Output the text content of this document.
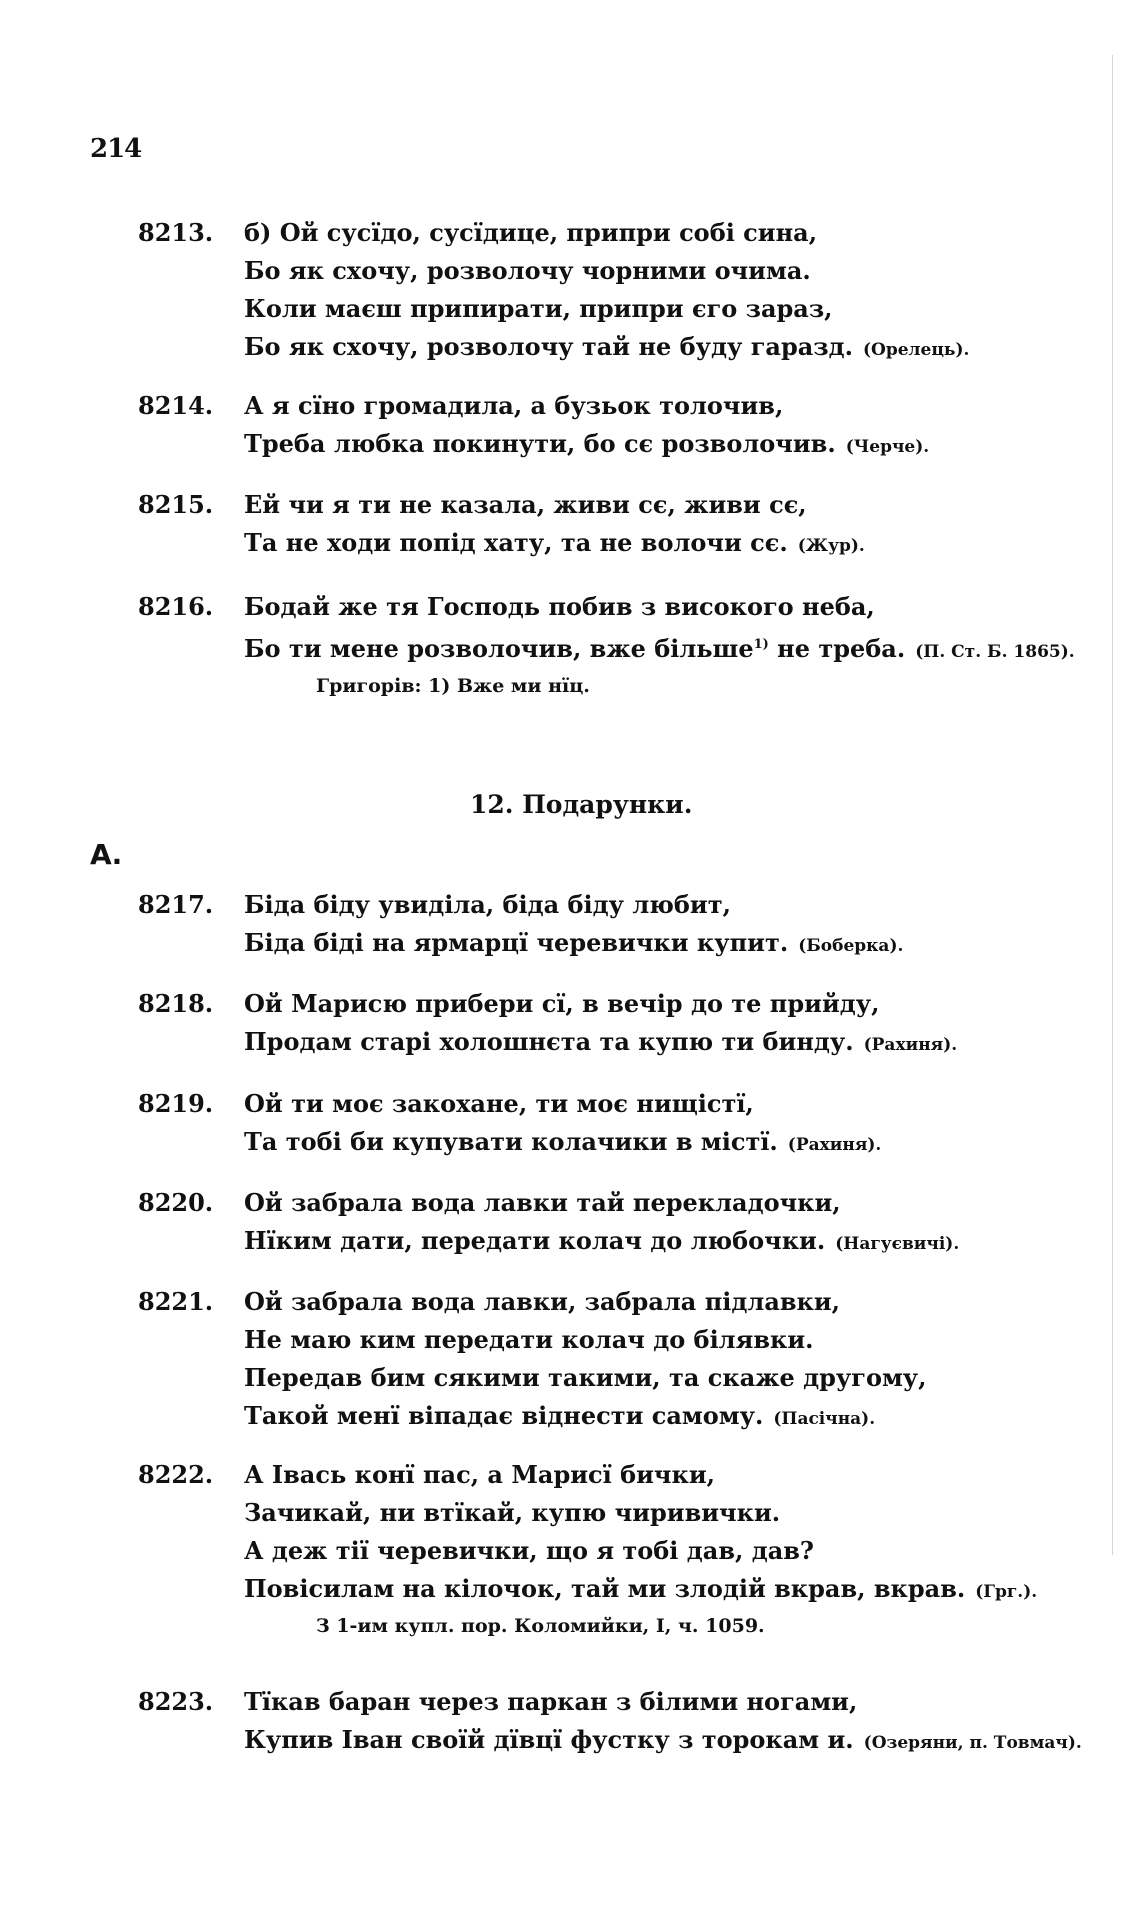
214
8213. б) Ой сусїдо, сусїдице, припри собі сина,
Бо як схочу, розволочу чорними очима.
Коли маєш припирати, припри єго зараз,
Бо як схочу, розволочу тай не буду гаразд. (Орелець).
8214. А я сїно громадила, а бузьок толочив,
Треба любка покинути, бо сє розволочив. (Черче).
8215. Ей чи я ти не казала, живи сє, живи сє,
Та не ходи попід хату, та не волочи сє. (Жур).
8216. Бодай же тя Господь побив з високого неба,
Бо ти мене розволочив, вже більше$^{1)}$ не треба. (П. Ст. Б. 1865).
Григорів: 1) Вже ми нїц.
12. Подарунки.
А.
8217. Біда біду увиділа, біда біду любит,
Біда біді на ярмарцї черевички купит. (Боберка).
8218. Ой Марисю прибери сї, в вечір до те прийду,
Продам старі холошнєта та купю ти бинду. (Рахиня).
8219. Ой ти моє закохане, ти моє нищістї,
Та тобі би купувати колачики в містї. (Рахиня).
8220. Ой забрала вода лавки тай перекладочки,
Нїким дати, передати колач до любочки. (Нагуєвичі).
8221. Ой забрала вода лавки, забрала підлавки,
Не маю ким передати колач до білявки.
Передав бим сякими такими, та скаже другому,
Такой менї віпадає віднести самому. (Пасічна).
8222. А Івась конї пас, а Марисї бички,
Зачикай, ни втїкай, купю чиривички.
А деж тії черевички, що я тобі дав, дав?
Повісилам на кілочок, тай ми злодій вкрав, вкрав. (Грг.).
З 1-им купл. пор. Коломийки, І, ч. 1059.
8223. Тїкав баран через паркан з білими ногами,
Купив Іван своїй дївцї фустку з торокам и. (Озеряни, п. Товмач).
